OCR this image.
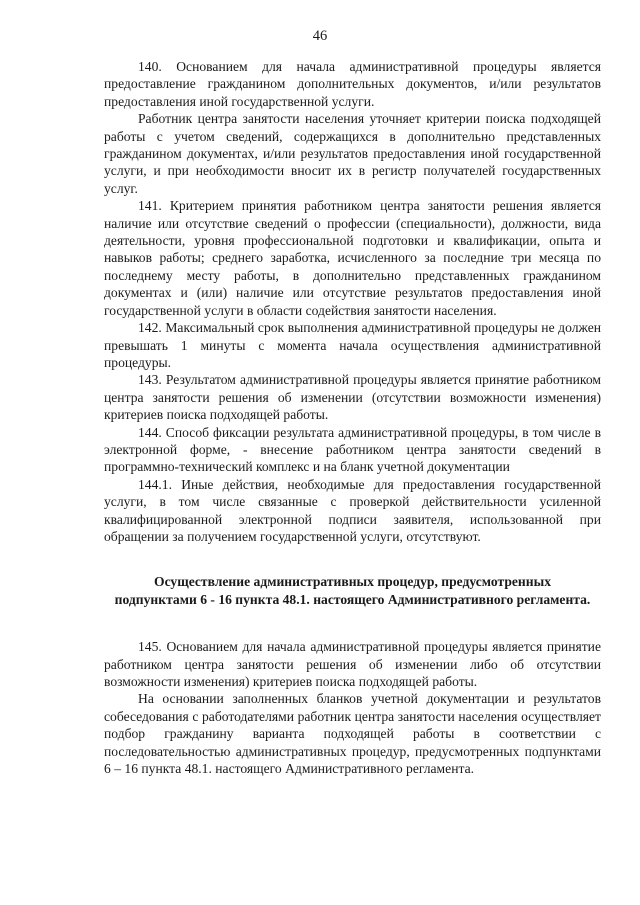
46

140. Основанием для начала административной процедуры является предоставление гражданином дополнительных документов, и/или результатов предоставления иной государственной услуги.

Работник центра занятости населения уточняет критерии поиска подходящей работы с учетом сведений, содержащихся в дополнительно представленных гражданином документах, и/или результатов предоставления иной государственной услуги, и при необходимости вносит их в регистр получателей государственных услуг.

141. Критерием принятия работником центра занятости решения является наличие или отсутствие сведений о профессии (специальности), должности, вида деятельности, уровня профессиональной подготовки и квалификации, опыта и навыков работы; среднего заработка, исчисленного за последние три месяца по последнему месту работы, в дополнительно представленных гражданином документах и (или) наличие или отсутствие результатов предоставления иной государственной услуги в области содействия занятости населения.

142. Максимальный срок выполнения административной процедуры не должен превышать 1 минуты с момента начала осуществления административной процедуры.

143. Результатом административной процедуры является принятие работником центра занятости решения об изменении (отсутствии возможности изменения) критериев поиска подходящей работы.

144. Способ фиксации результата административной процедуры, в том числе в электронной форме, - внесение работником центра занятости сведений в программно-технический комплекс и на бланк учетной документации

144.1. Иные действия, необходимые для предоставления государственной услуги, в том числе связанные с проверкой действительности усиленной квалифицированной электронной подписи заявителя, использованной при обращении за получением государственной услуги, отсутствуют.

Осуществление административных процедур, предусмотренных подпунктами 6 - 16 пункта 48.1. настоящего Административного регламента.

145. Основанием для начала административной процедуры является принятие работником центра занятости решения об изменении либо об отсутствии возможности изменения) критериев поиска подходящей работы.

На основании заполненных бланков учетной документации и результатов собеседования с работодателями работник центра занятости населения осуществляет подбор гражданину варианта подходящей работы в соответствии с последовательностью административных процедур, предусмотренных подпунктами 6 – 16 пункта 48.1. настоящего Административного регламента.
